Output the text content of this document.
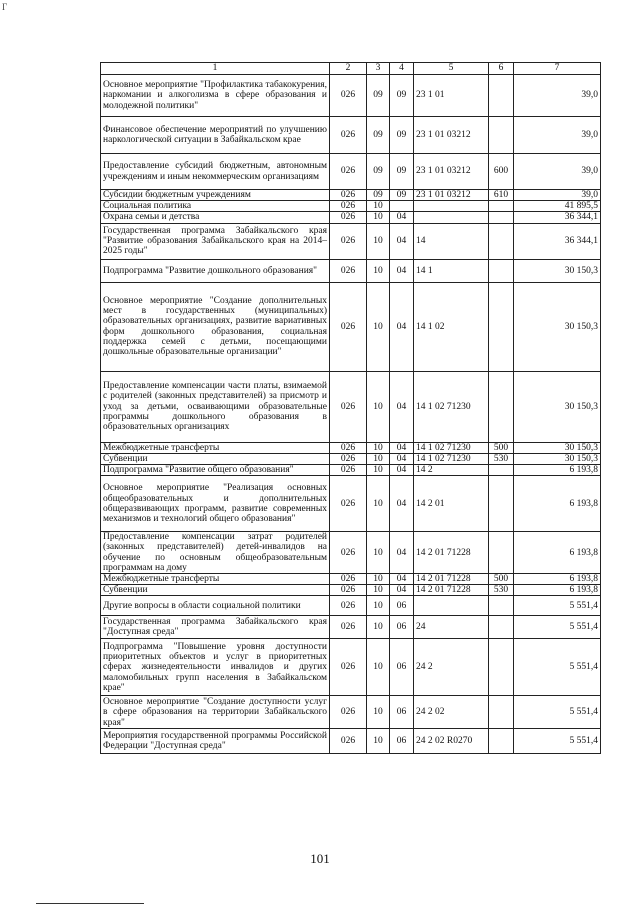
Г
1	2	3	4	5	6	7
Основное мероприятие "Профилактика табакокурения, наркомании и алкоголизма в сфере образования и молодежной политики"	026	09	09	23 1 01		39,0
Финансовое обеспечение мероприятий по улучшению наркологической ситуации в Забайкальском крае	026	09	09	23 1 01 03212		39,0
Предоставление субсидий бюджетным, автономным учреждениям и иным некоммерческим организациям	026	09	09	23 1 01 03212	600	39,0
Субсидии бюджетным учреждениям	026	09	09	23 1 01 03212	610	39,0
Социальная политика	026	10				41 895,5
Охрана семьи и детства	026	10	04			36 344,1
Государственная программа Забайкальского края "Развитие образования Забайкальского края на 2014–2025 годы"	026	10	04	14		36 344,1
Подпрограмма "Развитие дошкольного образования"	026	10	04	14 1		30 150,3
Основное мероприятие "Создание дополнительных мест в государственных (муниципальных) образовательных организациях, развитие вариативных форм дошкольного образования, социальная поддержка семей с детьми, посещающими дошкольные образовательные организации"	026	10	04	14 1 02		30 150,3
Предоставление компенсации части платы, взимаемой с родителей (законных представителей) за присмотр и уход за детьми, осваивающими образовательные программы дошкольного образования в образовательных организациях	026	10	04	14 1 02 71230		30 150,3
Межбюджетные трансферты	026	10	04	14 1 02 71230	500	30 150,3
Субвенции	026	10	04	14 1 02 71230	530	30 150,3
Подпрограмма "Развитие общего образования"	026	10	04	14 2		6 193,8
Основное мероприятие "Реализация основных общеобразовательных и дополнительных общеразвивающих программ, развитие современных механизмов и технологий общего образования"	026	10	04	14 2 01		6 193,8
Предоставление компенсации затрат родителей (законных представителей) детей-инвалидов на обучение по основным общеобразовательным программам на дому	026	10	04	14 2 01 71228		6 193,8
Межбюджетные трансферты	026	10	04	14 2 01 71228	500	6 193,8
Субвенции	026	10	04	14 2 01 71228	530	6 193,8
Другие вопросы в области социальной политики	026	10	06			5 551,4
Государственная программа Забайкальского края "Доступная среда"	026	10	06	24		5 551,4
Подпрограмма "Повышение уровня доступности приоритетных объектов и услуг в приоритетных сферах жизнедеятельности инвалидов и других маломобильных групп населения в Забайкальском крае"	026	10	06	24 2		5 551,4
Основное мероприятие "Создание доступности услуг в сфере образования на территории Забайкальского края"	026	10	06	24 2 02		5 551,4
Мероприятия государственной программы Российской Федерации "Доступная среда"	026	10	06	24 2 02 R0270		5 551,4
101
